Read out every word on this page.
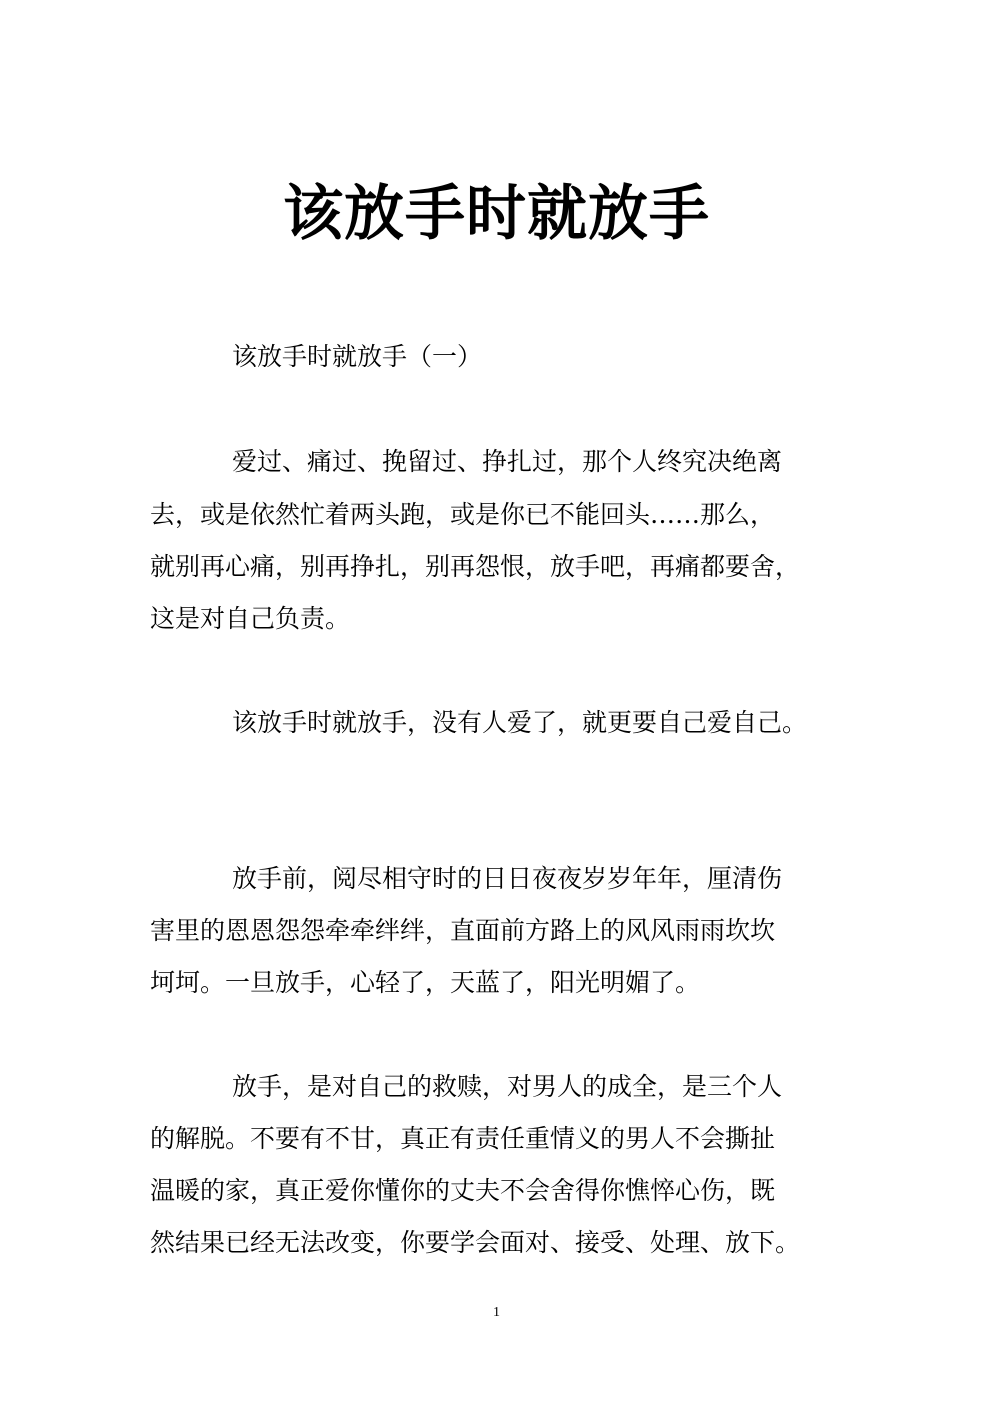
该放手时就放手

该放手时就放手（一）

爱过、痛过、挽留过、挣扎过，那个人终究决绝离

去，或是依然忙着两头跑，或是你已不能回头……那么，

就别再心痛，别再挣扎，别再怨恨，放手吧，再痛都要舍，

这是对自己负责。

该放手时就放手，没有人爱了，就更要自己爱自己。

放手前，阅尽相守时的日日夜夜岁岁年年，厘清伤

害里的恩恩怨怨牵牵绊绊，直面前方路上的风风雨雨坎坎

坷坷。一旦放手，心轻了，天蓝了，阳光明媚了。

放手，是对自己的救赎，对男人的成全，是三个人

的解脱。不要有不甘，真正有责任重情义的男人不会撕扯

温暖的家，真正爱你懂你的丈夫不会舍得你憔悴心伤，既

然结果已经无法改变，你要学会面对、接受、处理、放下。

1
